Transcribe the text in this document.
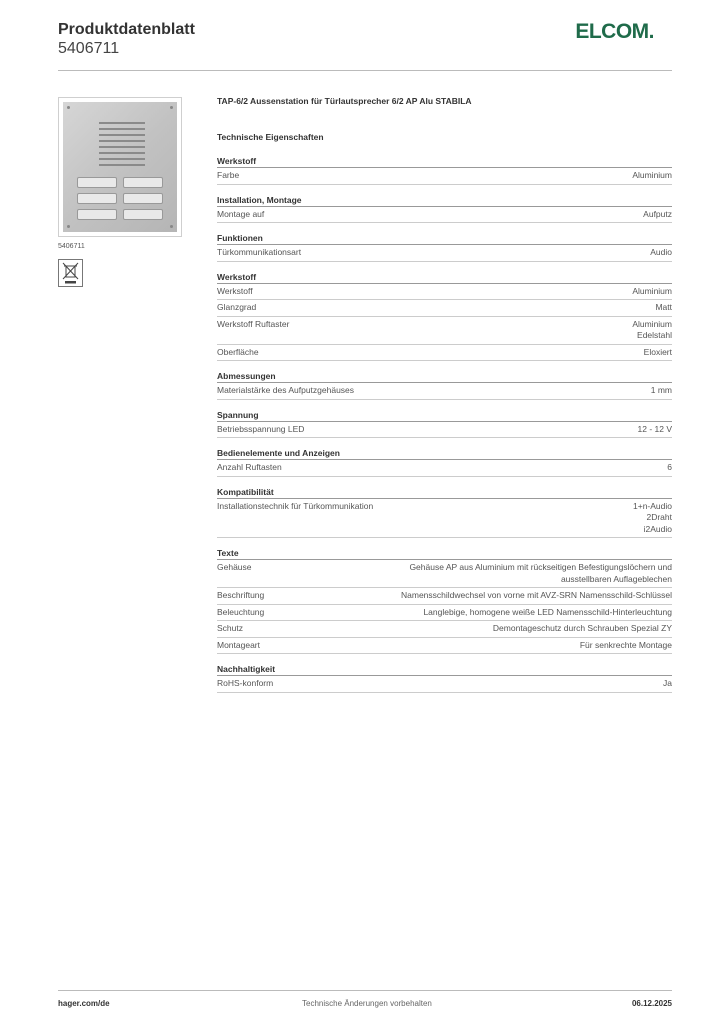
Produktdatenblatt
5406711
ELCOM.
5406711
TAP-6/2 Aussenstation für Türlautsprecher 6/2 AP Alu STABILA
Technische Eigenschaften
Werkstoff
Farbe	Aluminium
Installation, Montage
Montage auf	Aufputz
Funktionen
Türkommunikationsart	Audio
Werkstoff
Werkstoff	Aluminium
Glanzgrad	Matt
Werkstoff Ruftaster	Aluminium
Edelstahl
Oberfläche	Eloxiert
Abmessungen
Materialstärke des Aufputzgehäuses	1 mm
Spannung
Betriebsspannung LED	12 - 12 V
Bedienelemente und Anzeigen
Anzahl Ruftasten	6
Kompatibilität
Installationstechnik für Türkommunikation	1+n-Audio
2Draht
i2Audio
Texte
Gehäuse	Gehäuse AP aus Aluminium mit rückseitigen Befestigungslöchern und ausstellbaren Auflageblechen
Beschriftung	Namensschildwechsel von vorne mit AVZ-SRN Namensschild-Schlüssel
Beleuchtung	Langlebige, homogene weiße LED Namensschild-Hinterleuchtung
Schutz	Demontageschutz durch Schrauben Spezial ZY
Montageart	Für senkrechte Montage
Nachhaltigkeit
RoHS-konform	Ja
hager.com/de	Technische Änderungen vorbehalten	06.12.2025
